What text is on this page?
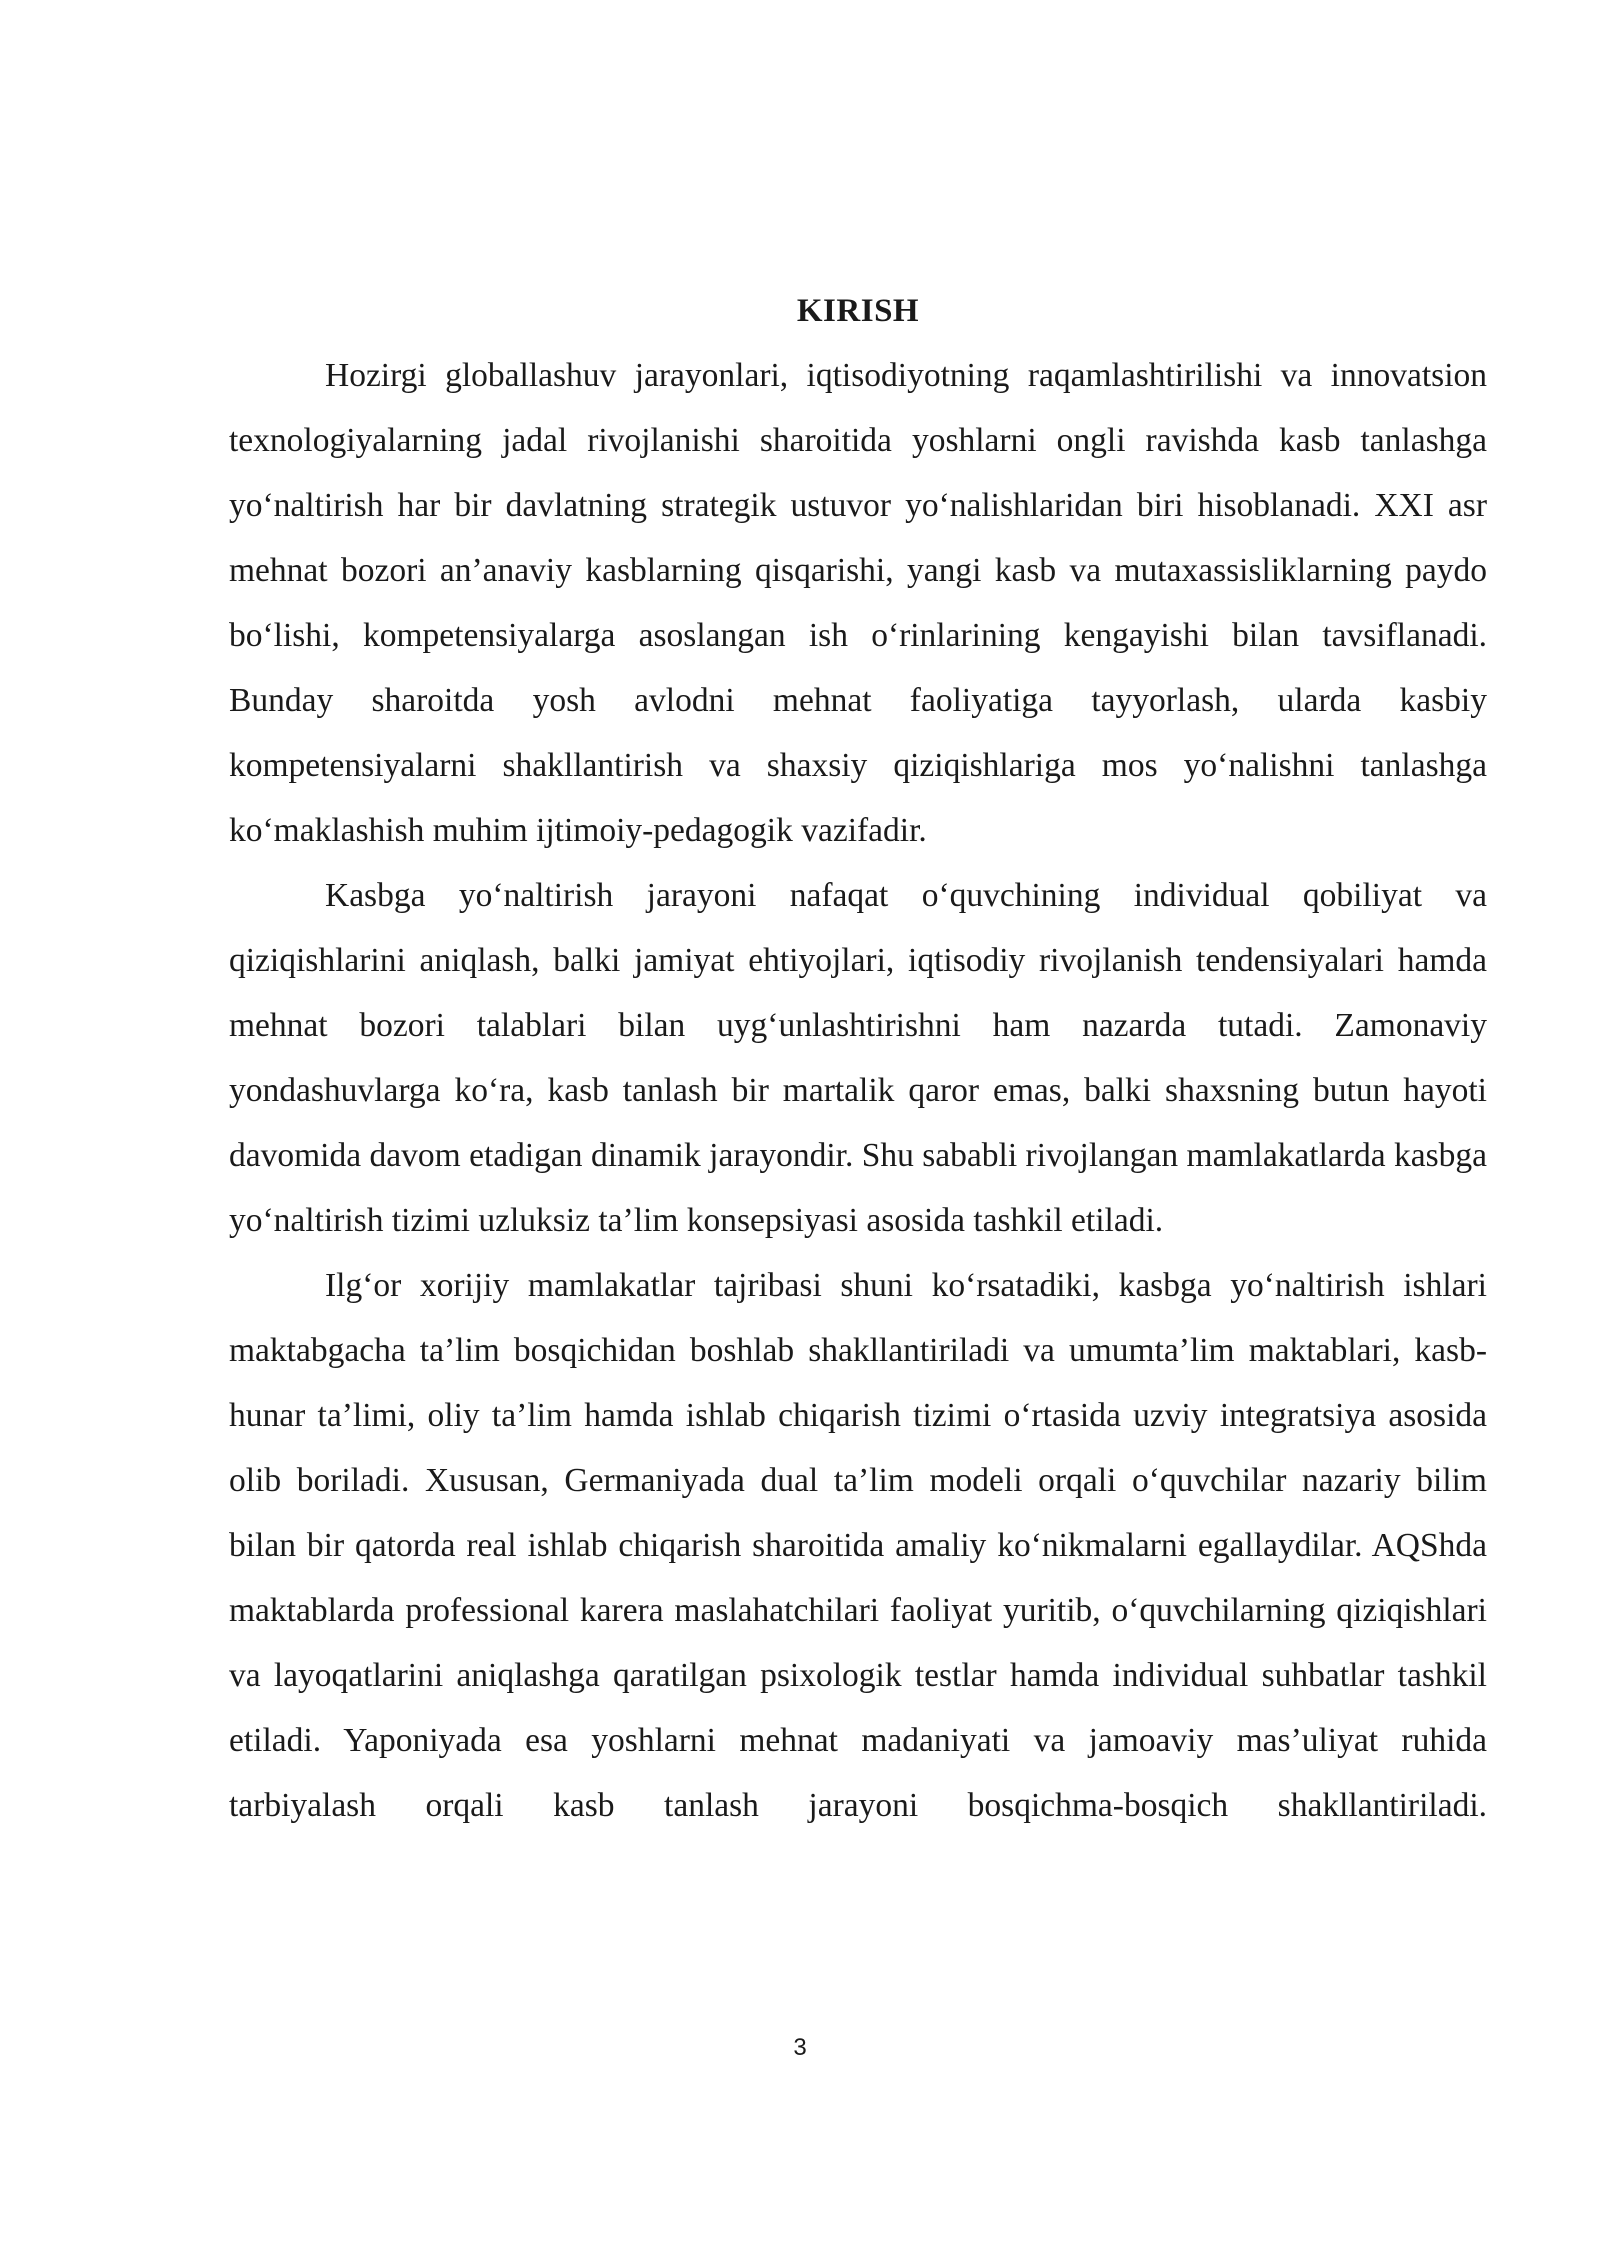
KIRISH

Hozirgi globallashuv jarayonlari, iqtisodiyotning raqamlashtirilishi va innovatsion texnologiyalarning jadal rivojlanishi sharoitida yoshlarni ongli ravishda kasb tanlashga yo‘naltirish har bir davlatning strategik ustuvor yo‘nalishlaridan biri hisoblanadi. XXI asr mehnat bozori an’anaviy kasblarning qisqarishi, yangi kasb va mutaxassisliklarning paydo bo‘lishi, kompetensiyalarga asoslangan ish o‘rinlarining kengayishi bilan tavsiflanadi. Bunday sharoitda yosh avlodni mehnat faoliyatiga tayyorlash, ularda kasbiy kompetensiyalarni shakllantirish va shaxsiy qiziqishlariga mos yo‘nalishni tanlashga ko‘maklashish muhim ijtimoiy-pedagogik vazifadir.

Kasbga yo‘naltirish jarayoni nafaqat o‘quvchining individual qobiliyat va qiziqishlarini aniqlash, balki jamiyat ehtiyojlari, iqtisodiy rivojlanish tendensiyalari hamda mehnat bozori talablari bilan uyg‘unlashtirishni ham nazarda tutadi. Zamonaviy yondashuvlarga ko‘ra, kasb tanlash bir martalik qaror emas, balki shaxsning butun hayoti davomida davom etadigan dinamik jarayondir. Shu sababli rivojlangan mamlakatlarda kasbga yo‘naltirish tizimi uzluksiz ta’lim konsepsiyasi asosida tashkil etiladi.

Ilg‘or xorijiy mamlakatlar tajribasi shuni ko‘rsatadiki, kasbga yo‘naltirish ishlari maktabgacha ta’lim bosqichidan boshlab shakllantiriladi va umumta’lim maktablari, kasb-hunar ta’limi, oliy ta’lim hamda ishlab chiqarish tizimi o‘rtasida uzviy integratsiya asosida olib boriladi. Xususan, Germaniyada dual ta’lim modeli orqali o‘quvchilar nazariy bilim bilan bir qatorda real ishlab chiqarish sharoitida amaliy ko‘nikmalarni egallaydilar. AQShda maktablarda professional karera maslahatchilari faoliyat yuritib, o‘quvchilarning qiziqishlari va layoqatlarini aniqlashga qaratilgan psixologik testlar hamda individual suhbatlar tashkil etiladi. Yaponiyada esa yoshlarni mehnat madaniyati va jamoaviy mas’uliyat ruhida tarbiyalash orqali kasb tanlash jarayoni bosqichma-bosqich shakllantiriladi.

3
